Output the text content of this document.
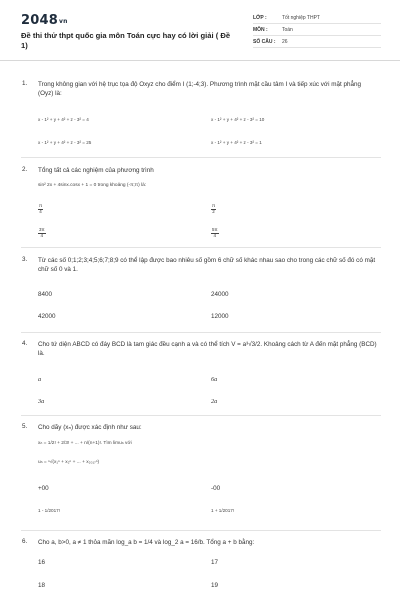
2048vn
Đề thi thử thpt quốc gia môn Toán cực hay có lời giải ( Đề 1)
LỚP :	Tốt nghiệp THPT
MÔN :	Toán
SỐ CÂU :	26
1. Trong không gian với hệ trục tọa độ Oxyz cho điểm I (1;-4;3). Phương trình mặt cầu tâm I và tiếp xúc với mặt phẳng (Oyz) là:
x - 1² + y + 4² + z - 3² = 4	x - 1² + y + 4² + z - 3² = 10
x - 1² + y + 4² + z - 3² = 25	x - 1² + y + 4² + z - 3² = 1
2. Tổng tất cả các nghiệm của phương trình
sin² 2x + 4sinx.cosx + 1 = 0 trong khoảng (-π;π) là:
$\frac{\pi}{4}$	$\frac{\pi}{2}$
$\frac{3\pi}{4}$	$\frac{5\pi}{4}$
3. Từ các số 0;1;2;3;4;5;6;7;8;9 có thể lập được bao nhiêu số gồm 6 chữ số khác nhau sao cho trong các chữ số đó có mặt chữ số 0 và 1.
8400	24000
42000	12000
4. Cho tứ diện ABCD có đáy BCD là tam giác đều cạnh a và có thể tích V = a³√3/2. Khoảng cách từ A đến mặt phẳng (BCD) là.
a	6a
3a	2a
5. Cho dãy (xₙ) được xác định như sau:
xₙ = 1/2! + 2/3! + ... + n/(n+1)!. Tìm limuₙ với
uₙ = ⁿ√(x₁ⁿ + x₂ⁿ + ... + x₂₀₁₇ⁿ)
+00	-00
1 - 1/2017!	1 + 1/2017!
6. Cho a, b>0, a ≠ 1 thỏa mãn log_a b = 1/4 và log_2 a = 16/b. Tổng a + b bằng:
16	17
18	19
